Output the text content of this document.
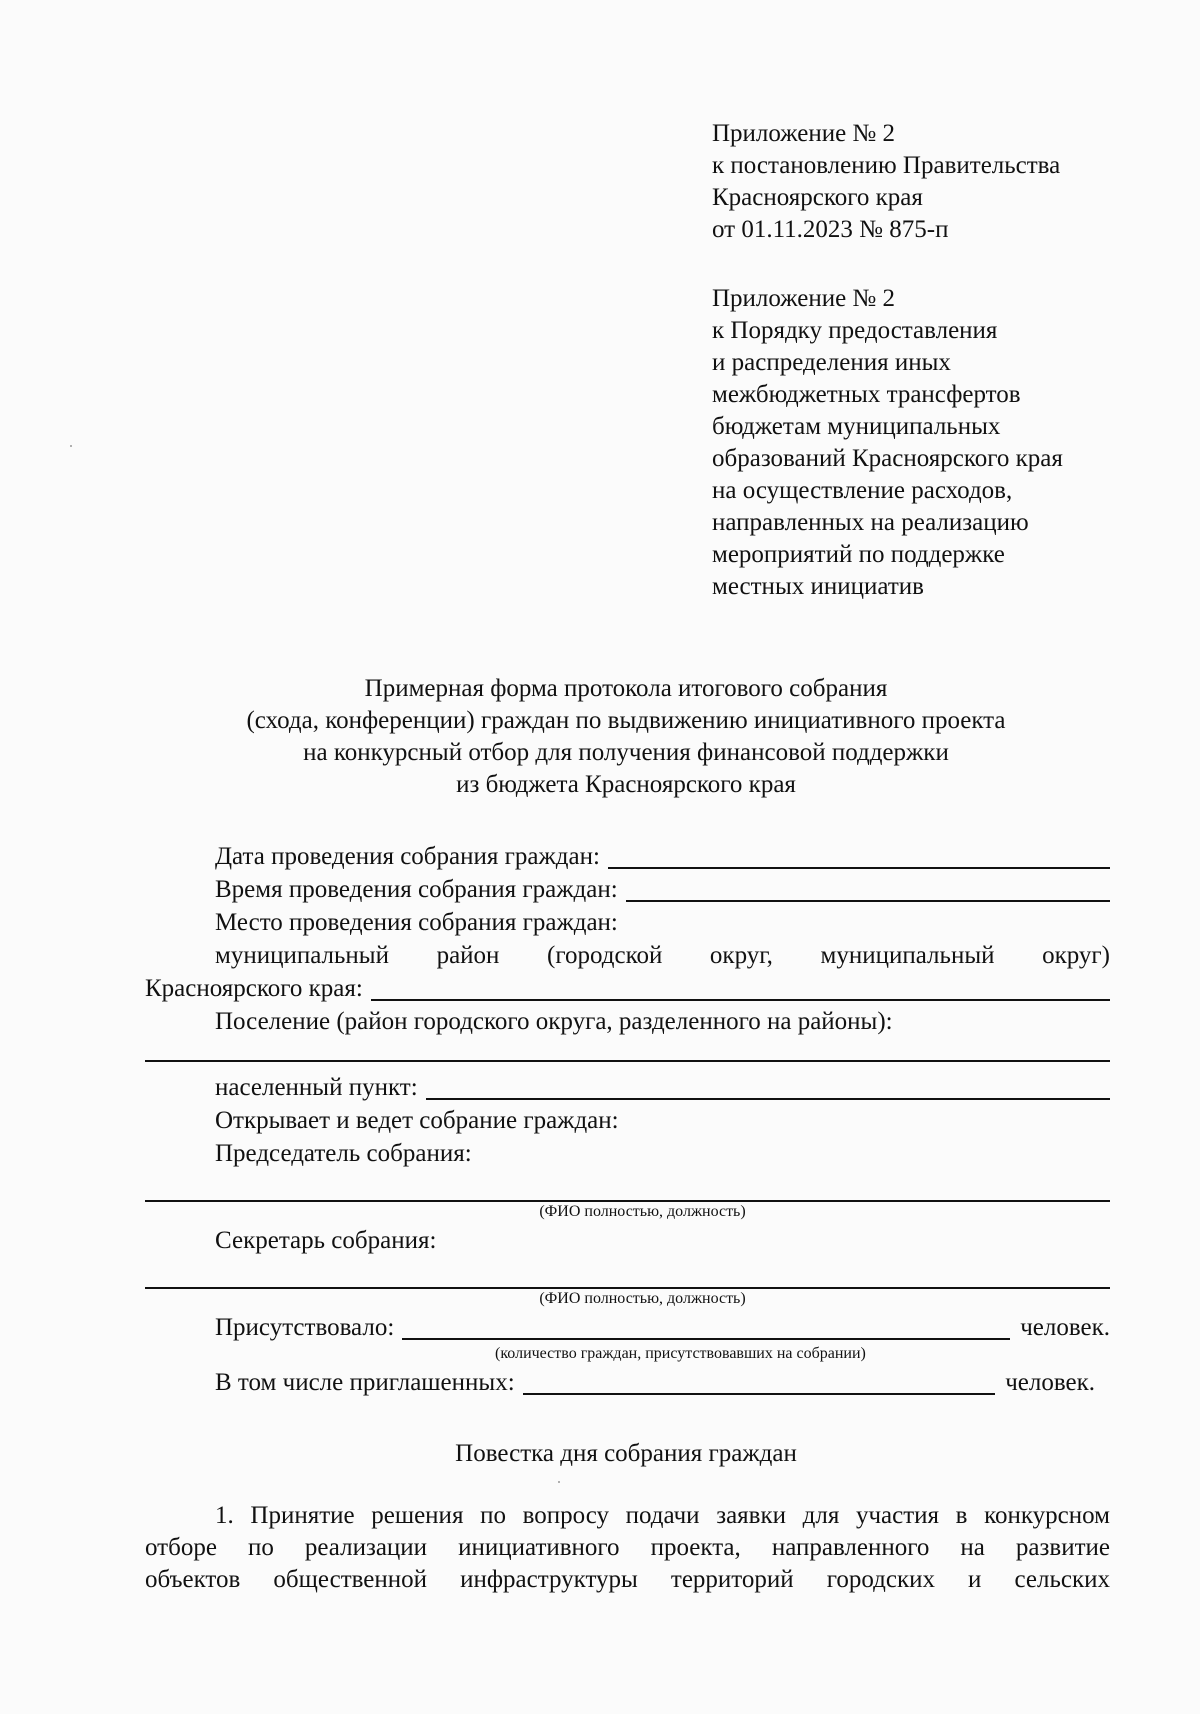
Приложение № 2
к постановлению Правительства
Красноярского края
от 01.11.2023 № 875-п
Приложение № 2
к Порядку предоставления
и распределения иных
межбюджетных трансфертов
бюджетам муниципальных
образований Красноярского края
на осуществление расходов,
направленных на реализацию
мероприятий по поддержке
местных инициатив
Примерная форма протокола итогового собрания
(схода, конференции) граждан по выдвижению инициативного проекта
на конкурсный отбор для получения финансовой поддержки
из бюджета Красноярского края
Дата проведения собрания граждан:
Время проведения собрания граждан:
Место проведения собрания граждан:
муниципальный район (городской округ, муниципальный округ)
Красноярского края:
Поселение (район городского округа, разделенного на районы):
населенный пункт:
Открывает и ведет собрание граждан:
Председатель собрания:
(ФИО полностью, должность)
Секретарь собрания:
(ФИО полностью, должность)
Присутствовало:	человек.
(количество граждан, присутствовавших на собрании)
В том числе приглашенных:	человек.
Повестка дня собрания граждан
1. Принятие решения по вопросу подачи заявки для участия в конкурсном
отборе по реализации инициативного проекта, направленного на развитие
объектов общественной инфраструктуры территорий городских и сельских
